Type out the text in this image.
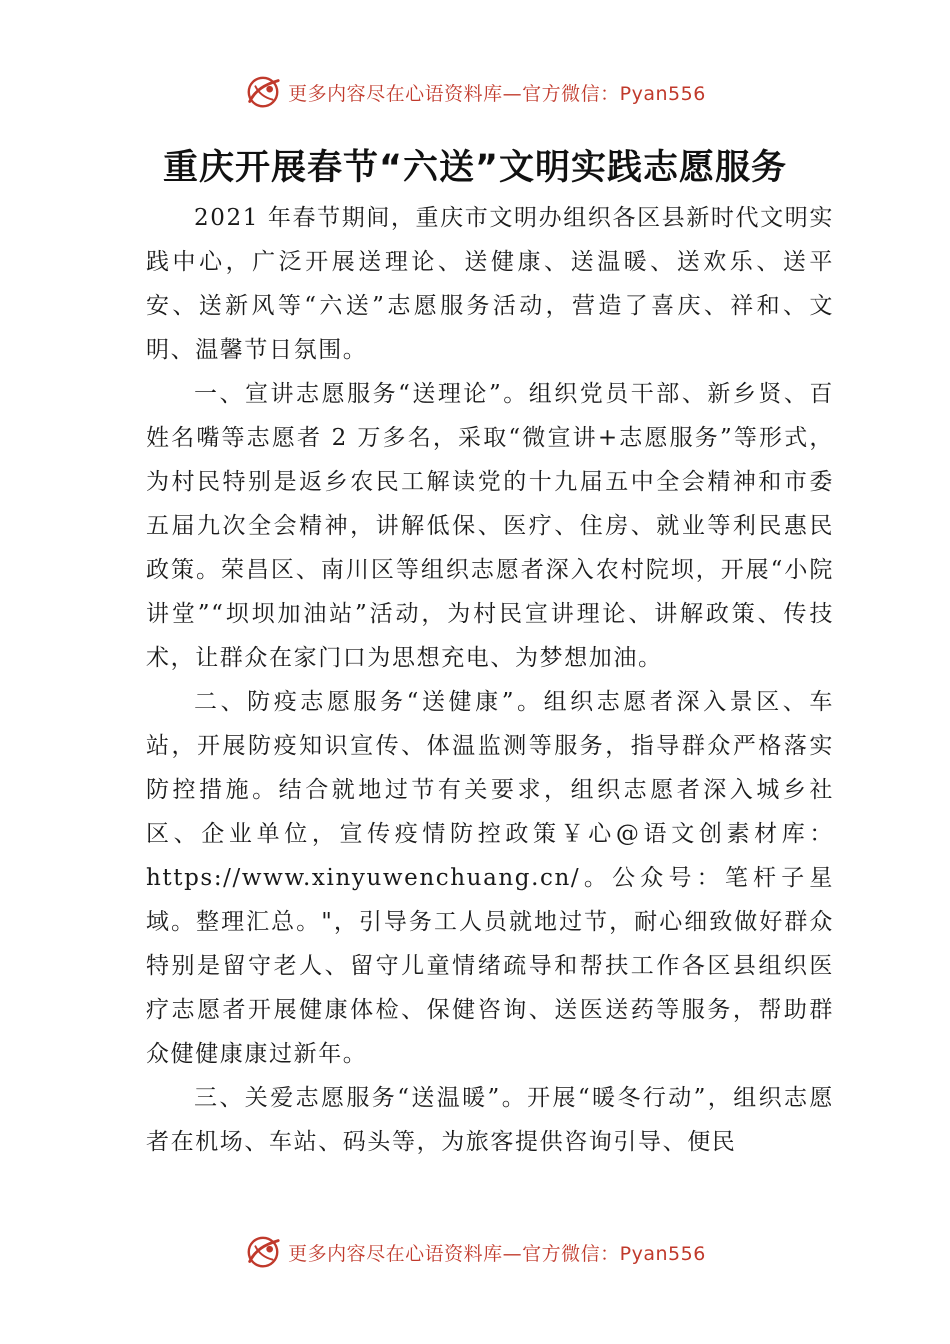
更多内容尽在心语资料库—官方微信：Pyan556
重庆开展春节“六送”文明实践志愿服务

2021 年春节期间，重庆市文明办组织各区县新时代文明实践中心，广泛开展送理论、送健康、送温暖、送欢乐、送平安、送新风等“六送”志愿服务活动，营造了喜庆、祥和、文明、温馨节日氛围。

一、宣讲志愿服务“送理论”。组织党员干部、新乡贤、百姓名嘴等志愿者 2 万多名，采取“微宣讲+志愿服务”等形式，为村民特别是返乡农民工解读党的十九届五中全会精神和市委五届九次全会精神，讲解低保、医疗、住房、就业等利民惠民政策。荣昌区、南川区等组织志愿者深入农村院坝，开展“小院讲堂”“坝坝加油站”活动，为村民宣讲理论、讲解政策、传技术，让群众在家门口为思想充电、为梦想加油。

二、防疫志愿服务“送健康”。组织志愿者深入景区、车站，开展防疫知识宣传、体温监测等服务，指导群众严格落实防控措施。结合就地过节有关要求，组织志愿者深入城乡社区、企业单位，宣传疫情防控政策￥心@语文创素材库：https://www.xinyuwenchuang.cn/。公众号：笔杆子星域。整理汇总。"，引导务工人员就地过节，耐心细致做好群众特别是留守老人、留守儿童情绪疏导和帮扶工作各区县组织医疗志愿者开展健康体检、保健咨询、送医送药等服务，帮助群众健健康康过新年。

三、关爱志愿服务“送温暖”。开展“暖冬行动”，组织志愿者在机场、车站、码头等，为旅客提供咨询引导、便民

更多内容尽在心语资料库—官方微信：Pyan556
